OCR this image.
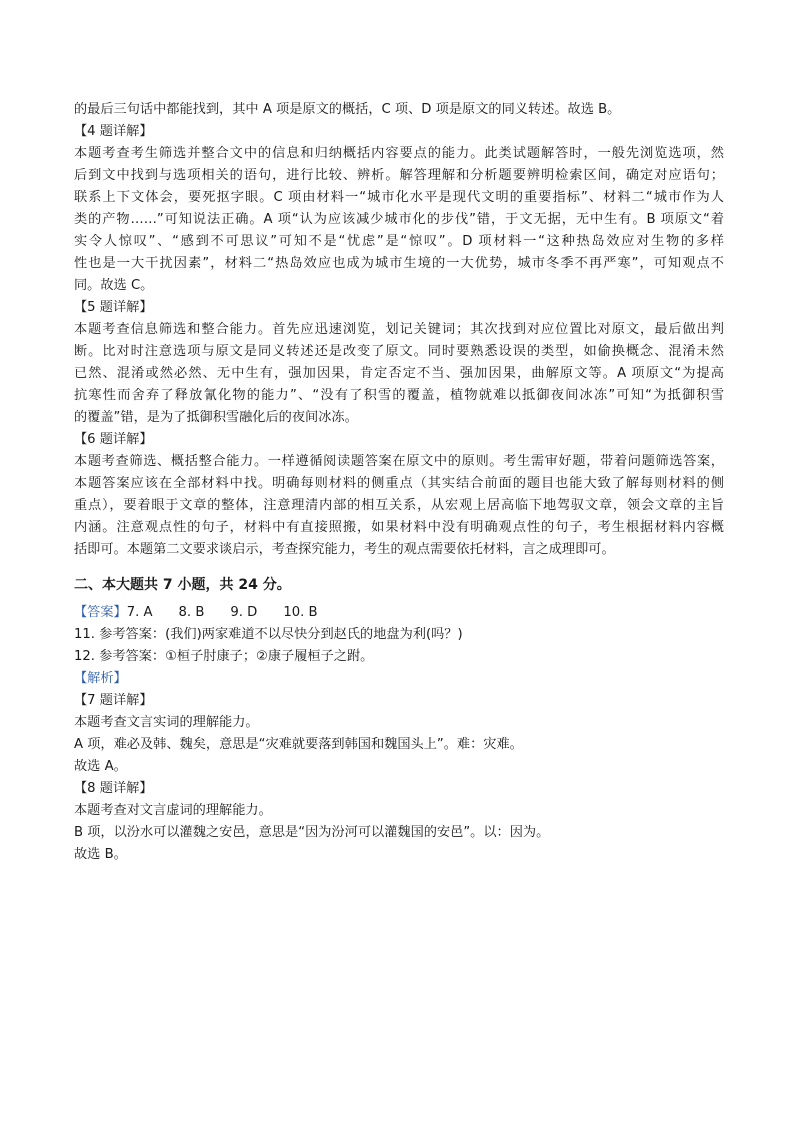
的最后三句话中都能找到，其中 A 项是原文的概括，C 项、D 项是原文的同义转述。故选 B。
【4 题详解】
本题考查考生筛选并整合文中的信息和归纳概括内容要点的能力。此类试题解答时，一般先浏览选项，然
后到文中找到与选项相关的语句，进行比较、辨析。解答理解和分析题要辨明检索区间，确定对应语句；
联系上下文体会，要死抠字眼。C 项由材料一“城市化水平是现代文明的重要指标”、材料二“城市作为人
类的产物……”可知说法正确。A 项“认为应该减少城市化的步伐”错，于文无据，无中生有。B 项原文“着
实令人惊叹”、“感到不可思议”可知不是“忧虑”是“惊叹”。D 项材料一“这种热岛效应对生物的多样
性也是一大干扰因素”，材料二“热岛效应也成为城市生境的一大优势，城市冬季不再严寒”，可知观点不
同。故选 C。
【5 题详解】
本题考查信息筛选和整合能力。首先应迅速浏览，划记关键词；其次找到对应位置比对原文，最后做出判
断。比对时注意选项与原文是同义转述还是改变了原文。同时要熟悉设误的类型，如偷换概念、混淆未然
已然、混淆或然必然、无中生有，强加因果，肯定否定不当、强加因果，曲解原文等。A 项原文“为提高
抗寒性而舍弃了释放氰化物的能力”、“没有了积雪的覆盖，植物就难以抵御夜间冰冻”可知“为抵御积雪
的覆盖”错，是为了抵御积雪融化后的夜间冰冻。
【6 题详解】
本题考查筛选、概括整合能力。一样遵循阅读题答案在原文中的原则。考生需审好题，带着问题筛选答案，
本题答案应该在全部材料中找。明确每则材料的侧重点（其实结合前面的题目也能大致了解每则材料的侧
重点），要着眼于文章的整体，注意理清内部的相互关系，从宏观上居高临下地驾驭文章，领会文章的主旨
内涵。注意观点性的句子，材料中有直接照搬，如果材料中没有明确观点性的句子，考生根据材料内容概
括即可。本题第二文要求谈启示，考查探究能力，考生的观点需要依托材料，言之成理即可。
二、本大题共 7 小题，共 24 分。
【答案】7. A 8. B 9. D 10. B
11. 参考答案：(我们)两家难道不以尽快分到赵氏的地盘为利(吗？)
12. 参考答案：①桓子肘康子；②康子履桓子之跗。
【解析】
【7 题详解】
本题考查文言实词的理解能力。
A 项，难必及韩、魏矣，意思是“灾难就要落到韩国和魏国头上”。难：灾难。
故选 A。
【8 题详解】
本题考查对文言虚词的理解能力。
B 项，以汾水可以灌魏之安邑，意思是“因为汾河可以灌魏国的安邑”。以：因为。
故选 B。
